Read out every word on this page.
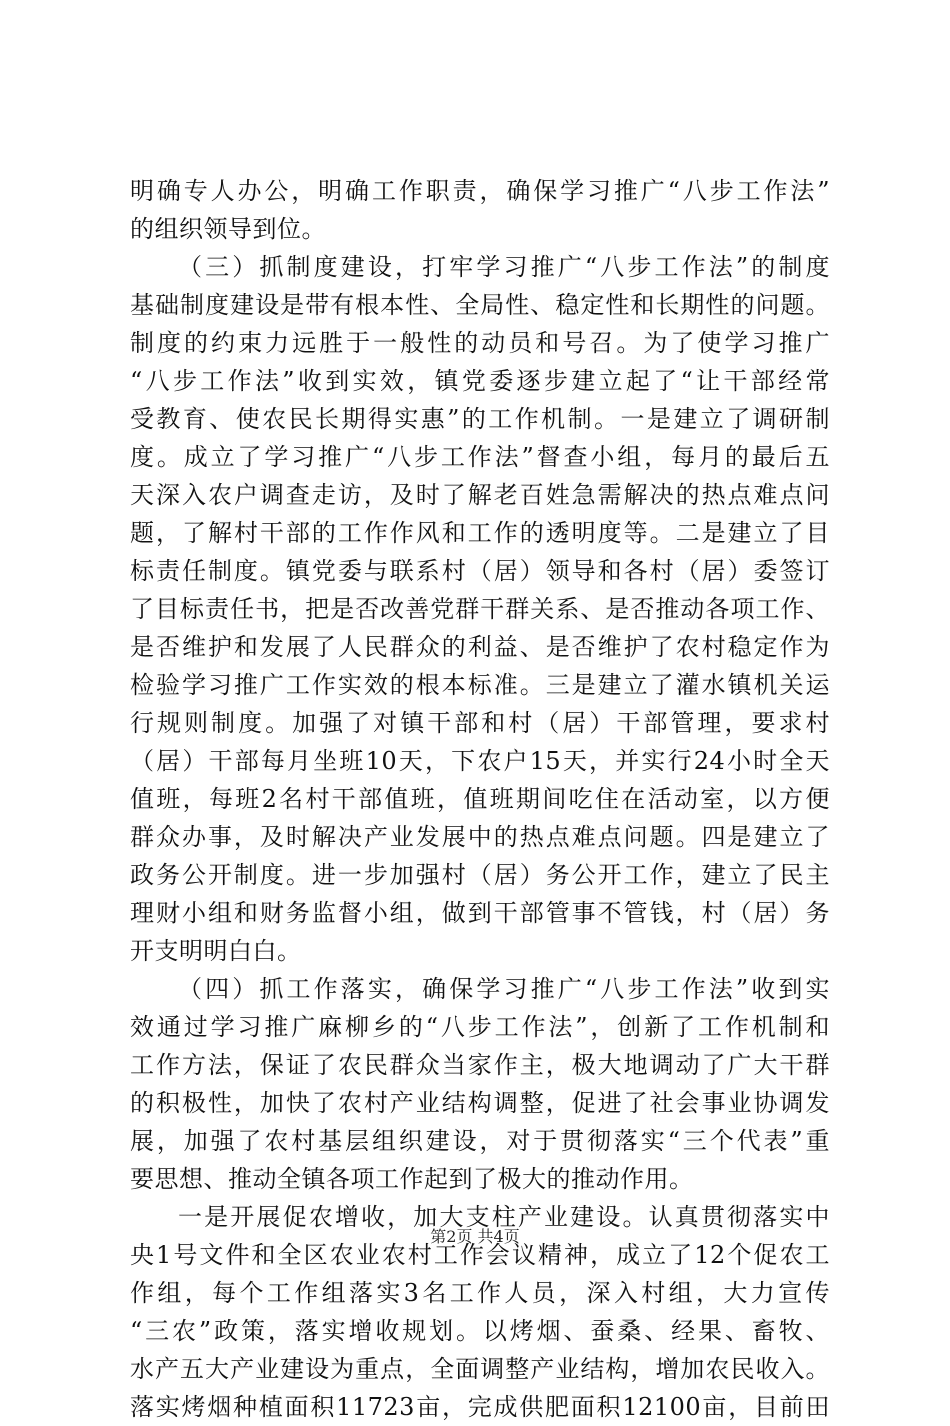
明确专人办公，明确工作职责，确保学习推广“八步工作法”
的组织领导到位。
（三）抓制度建设，打牢学习推广“八步工作法”的制度
基础制度建设是带有根本性、全局性、稳定性和长期性的问题。
制度的约束力远胜于一般性的动员和号召。为了使学习推广
“八步工作法”收到实效，镇党委逐步建立起了“让干部经常
受教育、使农民长期得实惠”的工作机制。一是建立了调研制
度。成立了学习推广“八步工作法”督查小组，每月的最后五
天深入农户调查走访，及时了解老百姓急需解决的热点难点问
题，了解村干部的工作作风和工作的透明度等。二是建立了目
标责任制度。镇党委与联系村（居）领导和各村（居）委签订
了目标责任书，把是否改善党群干群关系、是否推动各项工作、
是否维护和发展了人民群众的利益、是否维护了农村稳定作为
检验学习推广工作实效的根本标准。三是建立了灌水镇机关运
行规则制度。加强了对镇干部和村（居）干部管理，要求村
（居）干部每月坐班10天，下农户15天，并实行24小时全天
值班，每班2名村干部值班，值班期间吃住在活动室，以方便
群众办事，及时解决产业发展中的热点难点问题。四是建立了
政务公开制度。进一步加强村（居）务公开工作，建立了民主
理财小组和财务监督小组，做到干部管事不管钱，村（居）务
开支明明白白。
（四）抓工作落实，确保学习推广“八步工作法”收到实
效通过学习推广麻柳乡的“八步工作法”，创新了工作机制和
工作方法，保证了农民群众当家作主，极大地调动了广大干群
的积极性，加快了农村产业结构调整，促进了社会事业协调发
展，加强了农村基层组织建设，对于贯彻落实“三个代表”重
要思想、推动全镇各项工作起到了极大的推动作用。
一是开展促农增收，加大支柱产业建设。认真贯彻落实中
央1号文件和全区农业农村工作会议精神，成立了12个促农工
作组，每个工作组落实3名工作人员，深入村组，大力宣传
“三农”政策，落实增收规划。以烤烟、蚕桑、经果、畜牧、
水产五大产业建设为重点，全面调整产业结构，增加农民收入。
落实烤烟种植面积11723亩，完成供肥面积12100亩，目前田
第2页 共4页
